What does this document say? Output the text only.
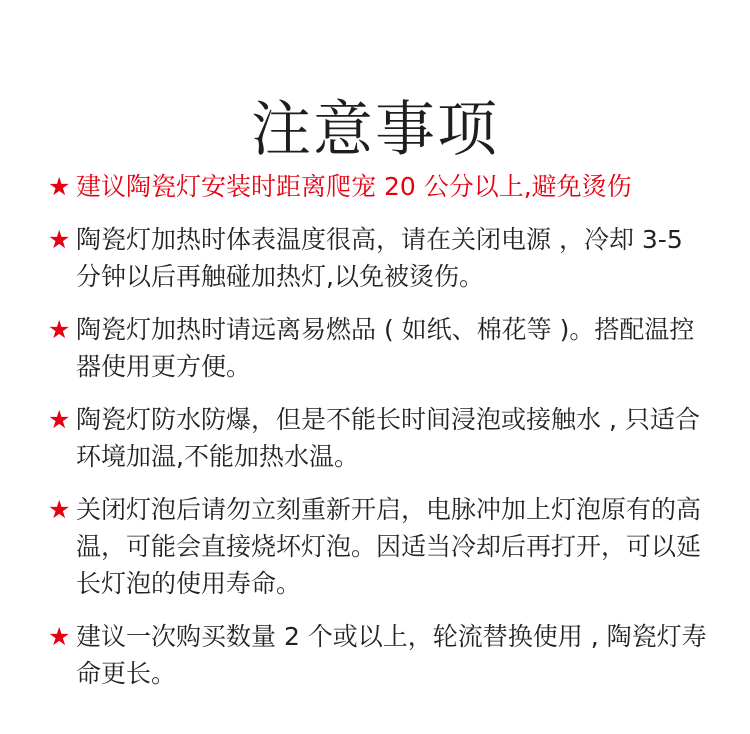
注意事项
★ 建议陶瓷灯安装时距离爬宠 20 公分以上,避免烫伤
★ 陶瓷灯加热时体表温度很高，请在关闭电源 ，冷却 3-5 分钟以后再触碰加热灯,以免被烫伤。
★ 陶瓷灯加热时请远离易燃品 ( 如纸、棉花等 )。搭配温控器使用更方便。
★ 陶瓷灯防水防爆，但是不能长时间浸泡或接触水 , 只适合环境加温,不能加热水温。
★ 关闭灯泡后请勿立刻重新开启，电脉冲加上灯泡原有的高温，可能会直接烧坏灯泡。因适当冷却后再打开，可以延长灯泡的使用寿命。
★ 建议一次购买数量 2 个或以上，轮流替换使用 , 陶瓷灯寿命更长。
